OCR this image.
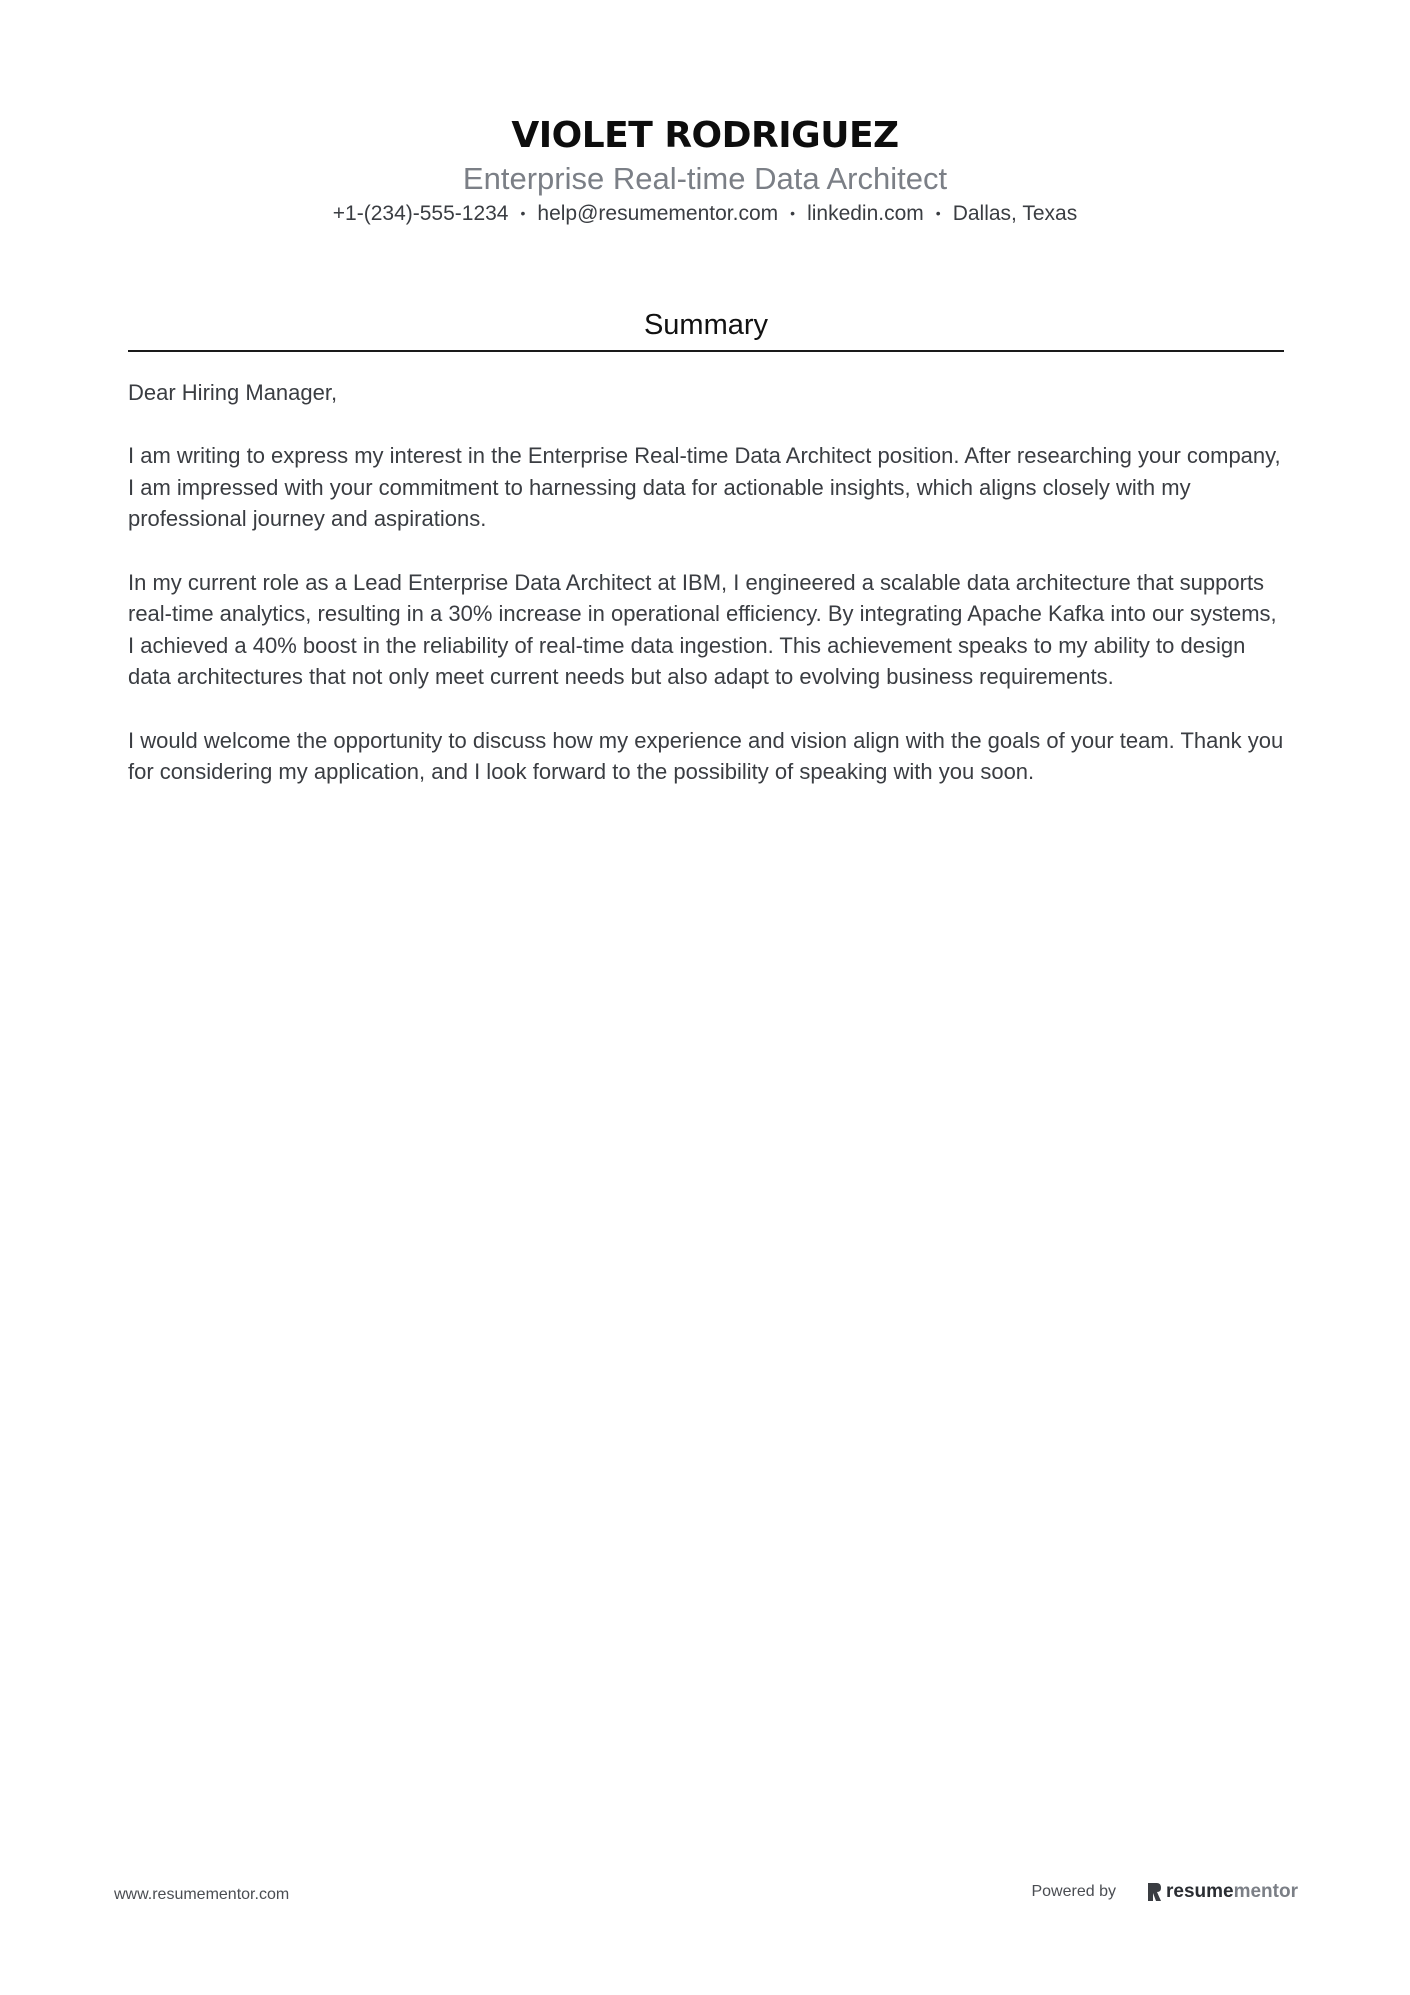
VIOLET RODRIGUEZ
Enterprise Real-time Data Architect
+1-(234)-555-1234 • help@resumementor.com • linkedin.com • Dallas, Texas
Summary

Dear Hiring Manager,

I am writing to express my interest in the Enterprise Real-time Data Architect position. After researching your company, I am impressed with your commitment to harnessing data for actionable insights, which aligns closely with my professional journey and aspirations.

In my current role as a Lead Enterprise Data Architect at IBM, I engineered a scalable data architecture that supports real-time analytics, resulting in a 30% increase in operational efficiency. By integrating Apache Kafka into our systems, I achieved a 40% boost in the reliability of real-time data ingestion. This achievement speaks to my ability to design data architectures that not only meet current needs but also adapt to evolving business requirements.

I would welcome the opportunity to discuss how my experience and vision align with the goals of your team. Thank you for considering my application, and I look forward to the possibility of speaking with you soon.

www.resumementor.com	Powered by	resume mentor
